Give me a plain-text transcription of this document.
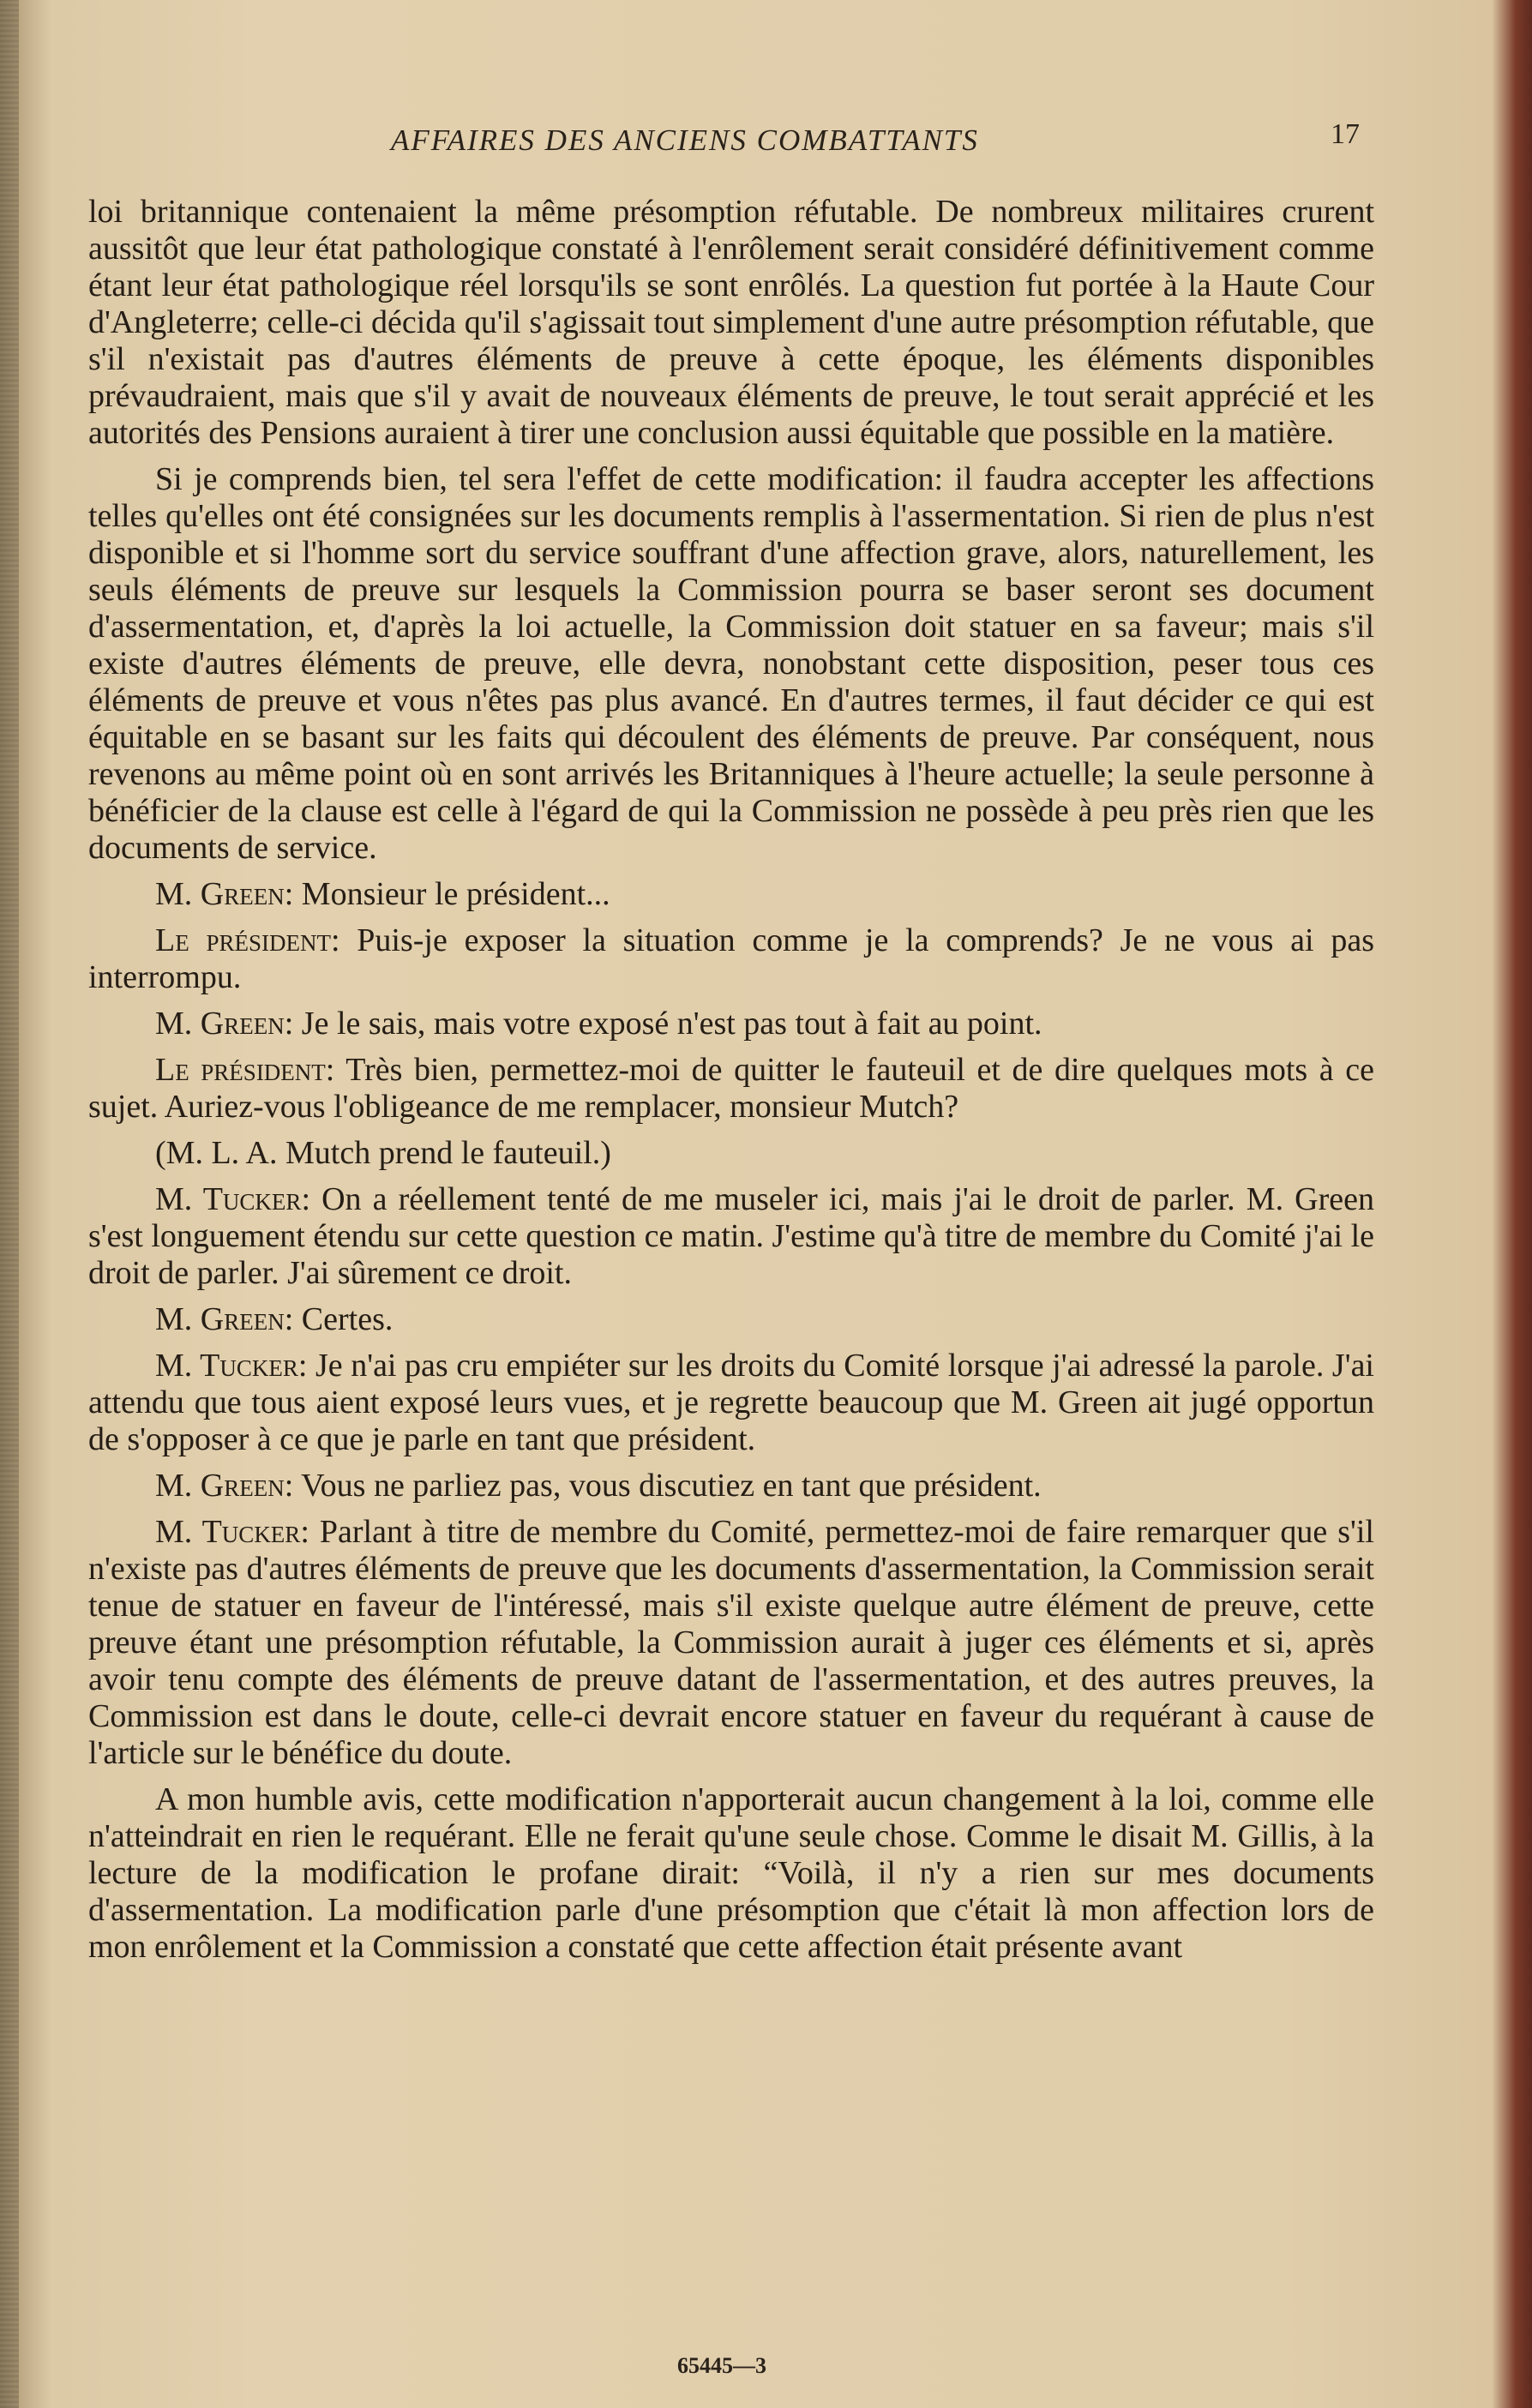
AFFAIRES DES ANCIENS COMBATTANTS	17

loi britannique contenaient la même présomption réfutable. De nombreux militaires crurent aussitôt que leur état pathologique constaté à l'enrôlement serait considéré définitivement comme étant leur état pathologique réel lorsqu'ils se sont enrôlés. La question fut portée à la Haute Cour d'Angleterre; celle-ci décida qu'il s'agissait tout simplement d'une autre présomption réfutable, que s'il n'existait pas d'autres éléments de preuve à cette époque, les éléments disponibles prévaudraient, mais que s'il y avait de nouveaux éléments de preuve, le tout serait apprécié et les autorités des Pensions auraient à tirer une conclusion aussi équitable que possible en la matière.

Si je comprends bien, tel sera l'effet de cette modification: il faudra accepter les affections telles qu'elles ont été consignées sur les documents remplis à l'assermentation. Si rien de plus n'est disponible et si l'homme sort du service souffrant d'une affection grave, alors, naturellement, les seuls éléments de preuve sur lesquels la Commission pourra se baser seront ses document d'assermentation, et, d'après la loi actuelle, la Commission doit statuer en sa faveur; mais s'il existe d'autres éléments de preuve, elle devra, nonobstant cette disposition, peser tous ces éléments de preuve et vous n'êtes pas plus avancé. En d'autres termes, il faut décider ce qui est équitable en se basant sur les faits qui découlent des éléments de preuve. Par conséquent, nous revenons au même point où en sont arrivés les Britanniques à l'heure actuelle; la seule personne à bénéficier de la clause est celle à l'égard de qui la Commission ne possède à peu près rien que les documents de service.

M. Green: Monsieur le président...

Le président: Puis-je exposer la situation comme je la comprends? Je ne vous ai pas interrompu.

M. Green: Je le sais, mais votre exposé n'est pas tout à fait au point.

Le président: Très bien, permettez-moi de quitter le fauteuil et de dire quelques mots à ce sujet. Auriez-vous l'obligeance de me remplacer, monsieur Mutch?

(M. L. A. Mutch prend le fauteuil.)

M. Tucker: On a réellement tenté de me museler ici, mais j'ai le droit de parler. M. Green s'est longuement étendu sur cette question ce matin. J'estime qu'à titre de membre du Comité j'ai le droit de parler. J'ai sûrement ce droit.

M. Green: Certes.

M. Tucker: Je n'ai pas cru empiéter sur les droits du Comité lorsque j'ai adressé la parole. J'ai attendu que tous aient exposé leurs vues, et je regrette beaucoup que M. Green ait jugé opportun de s'opposer à ce que je parle en tant que président.

M. Green: Vous ne parliez pas, vous discutiez en tant que président.

M. Tucker: Parlant à titre de membre du Comité, permettez-moi de faire remarquer que s'il n'existe pas d'autres éléments de preuve que les documents d'assermentation, la Commission serait tenue de statuer en faveur de l'intéressé, mais s'il existe quelque autre élément de preuve, cette preuve étant une présomption réfutable, la Commission aurait à juger ces éléments et si, après avoir tenu compte des éléments de preuve datant de l'assermentation, et des autres preuves, la Commission est dans le doute, celle-ci devrait encore statuer en faveur du requérant à cause de l'article sur le bénéfice du doute.

A mon humble avis, cette modification n'apporterait aucun changement à la loi, comme elle n'atteindrait en rien le requérant. Elle ne ferait qu'une seule chose. Comme le disait M. Gillis, à la lecture de la modification le profane dirait: “Voilà, il n'y a rien sur mes documents d'assermentation. La modification parle d'une présomption que c'était là mon affection lors de mon enrôlement et la Commission a constaté que cette affection était présente avant

65445—3
